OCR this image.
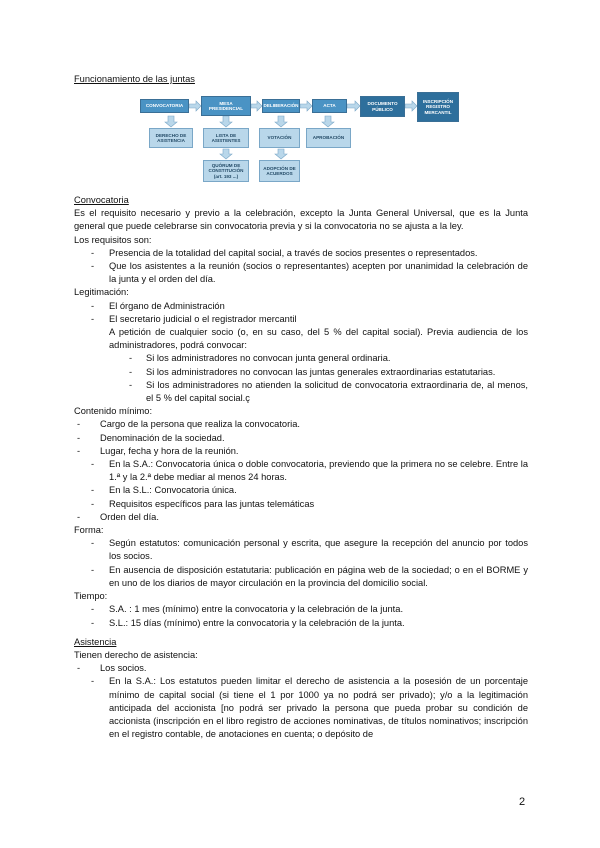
Funcionamiento de las juntas
CONVOCATORIA
MESA PRESIDENCIAL
DELIBERACIÓN	ACTA	DOCUMENTO PÚBLICO
INSCRIPCIÓN REGISTRO MERCANTIL
DERECHO DE ASISTENCIA
LISTA DE ASISTENTES
VOTACIÓN	APROBACIÓN
QUÓRUM DE CONSTITUCIÓN (art. 193 ...)
ADOPCIÓN DE ACUERDOS

Convocatoria

Es el requisito necesario y previo a la celebración, excepto la Junta General Universal, que es la Junta general que puede celebrarse sin convocatoria previa y si la convocatoria no se ajusta a la ley.

Los requisitos son:

- Presencia de la totalidad del capital social, a través de socios presentes o representados.

- Que los asistentes a la reunión (socios o representantes) acepten por unanimidad la celebración de la junta y el orden del día.

Legitimación:

- El órgano de Administración

- El secretario judicial o el registrador mercantil

A petición de cualquier socio (o, en su caso, del 5 % del capital social). Previa audiencia de los administradores, podrá convocar:

- Si los administradores no convocan junta general ordinaria.

- Si los administradores no convocan las juntas generales extraordinarias estatutarias.

- Si los administradores no atienden la solicitud de convocatoria extraordinaria de, al menos, el 5 % del capital social.ç

Contenido mínimo:

- Cargo de la persona que realiza la convocatoria.

- Denominación de la sociedad.

- Lugar, fecha y hora de la reunión.

- En la S.A.: Convocatoria única o doble convocatoria, previendo que la primera no se celebre. Entre la 1.ª y la 2.ª debe mediar al menos 24 horas.

- En la S.L.: Convocatoria única.

- Requisitos específicos para las juntas telemáticas

- Orden del día.

Forma:

- Según estatutos: comunicación personal y escrita, que asegure la recepción del anuncio por todos los socios.

- En ausencia de disposición estatutaria: publicación en página web de la sociedad; o en el BORME y en uno de los diarios de mayor circulación en la provincia del domicilio social.

Tiempo:

- S.A. : 1 mes (mínimo) entre la convocatoria y la celebración de la junta.

- S.L.: 15 días (mínimo) entre la convocatoria y la celebración de la junta.

Asistencia

Tienen derecho de asistencia:

- Los socios.

- En la S.A.: Los estatutos pueden limitar el derecho de asistencia a la posesión de un porcentaje mínimo de capital social (si tiene el 1 por 1000 ya no podrá ser privado); y/o a la legitimación anticipada del accionista [no podrá ser privado la persona que pueda probar su condición de accionista (inscripción en el libro registro de acciones nominativas, de títulos nominativos; inscripción en el registro contable, de anotaciones en cuenta; o depósito de

2
